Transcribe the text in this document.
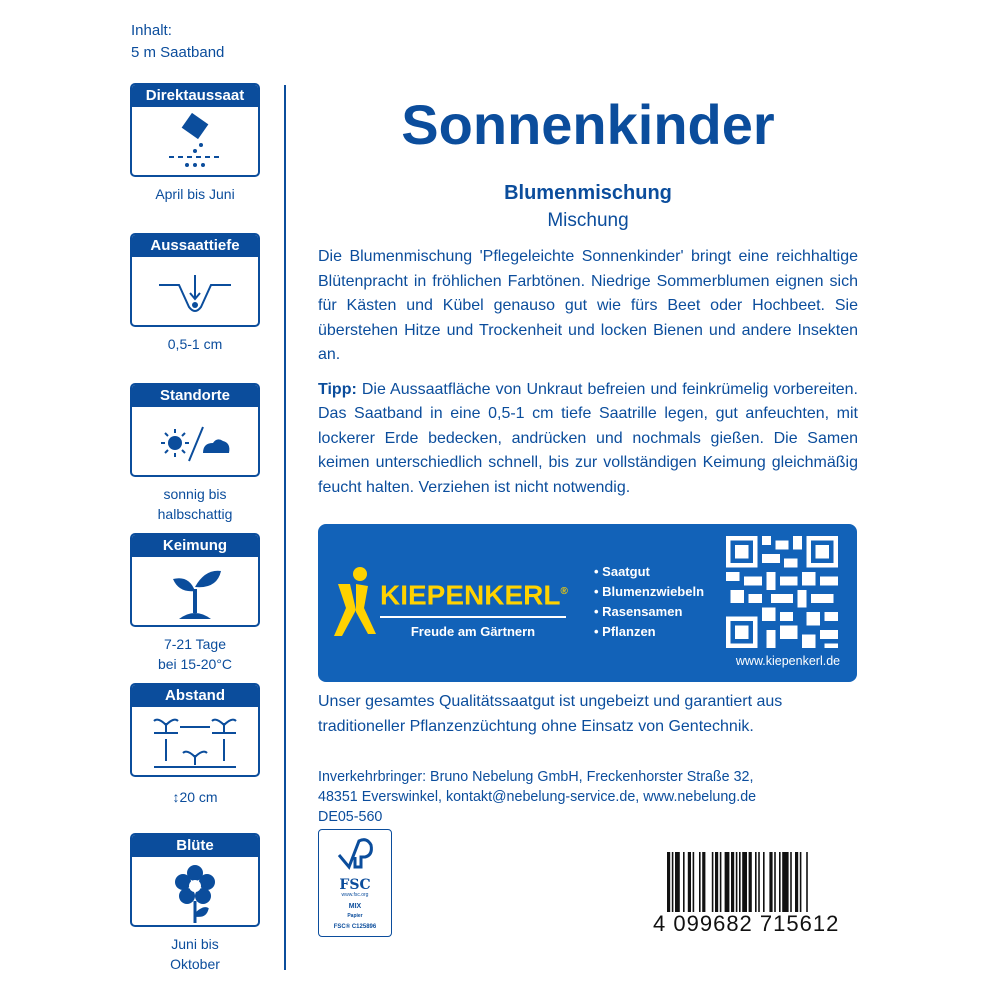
Inhalt:
5 m Saatband
Direktaussaat
April bis Juni
Aussaattiefe
0,5-1 cm
Standorte
sonnig bis
halbschattig
Keimung
7-21 Tage
bei 15-20°C
Abstand
↕20 cm
Blüte
Juni bis
Oktober
Sonnenkinder
Blumenmischung
Mischung
Die Blumenmischung 'Pflegeleichte Sonnenkinder' bringt eine reichhaltige Blütenpracht in fröhlichen Farbtönen. Niedrige Sommerblumen eignen sich für Kästen und Kübel genauso gut wie fürs Beet oder Hochbeet. Sie überstehen Hitze und Trockenheit und locken Bienen und andere Insekten an.
Tipp: Die Aussaatfläche von Unkraut befreien und feinkrümelig vorbereiten. Das Saatband in eine 0,5-1 cm tiefe Saatrille legen, gut anfeuchten, mit lockerer Erde bedecken, andrücken und nochmals gießen. Die Samen keimen unterschiedlich schnell, bis zur vollständigen Keimung gleichmäßig feucht halten. Verziehen ist nicht notwendig.
KIEPENKERL®
Freude am Gärtnern
• Saatgut
• Blumenzwiebeln
• Rasensamen
• Pflanzen
www.kiepenkerl.de
Unser gesamtes Qualitätssaatgut ist ungebeizt und garantiert aus traditioneller Pflanzenzüchtung ohne Einsatz von Gentechnik.
Inverkehrbringer: Bruno Nebelung GmbH, Freckenhorster Straße 32,
48351 Everswinkel, kontakt@nebelung-service.de, www.nebelung.de
DE05-560
FSC
www.fsc.org
MIX
Papier
FSC® C125896	4 099682 715612
